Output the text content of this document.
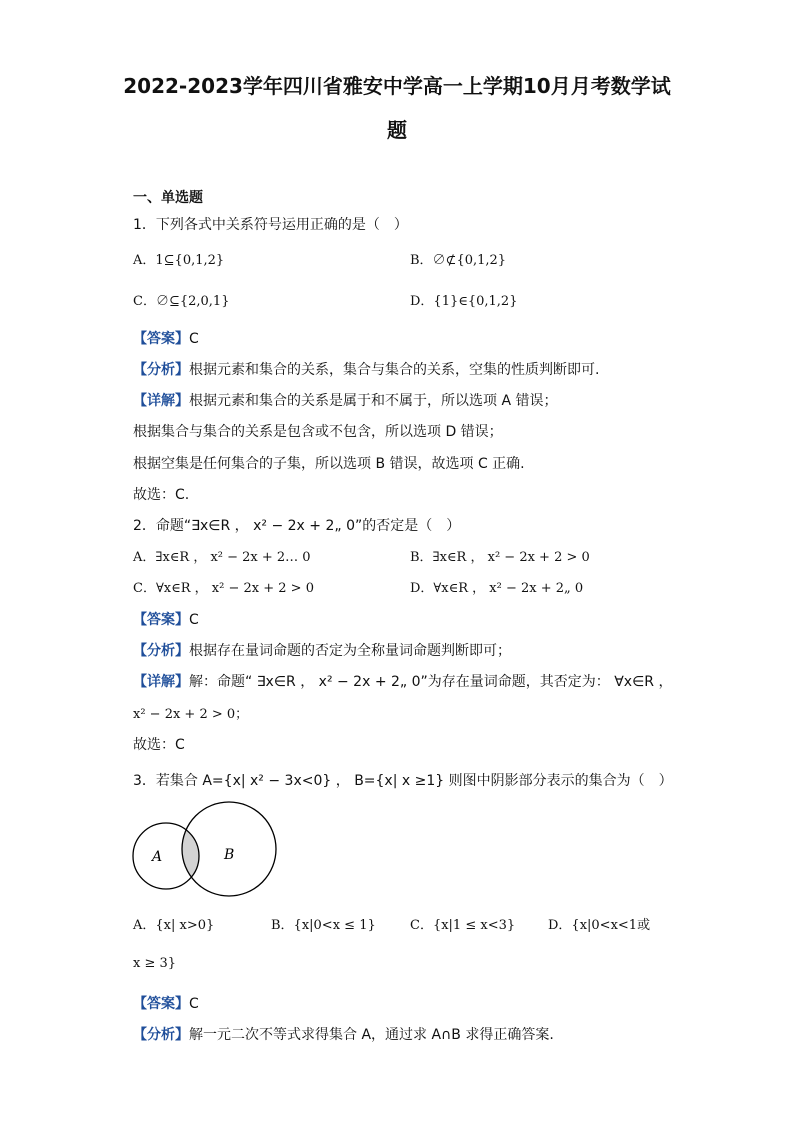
2022-2023学年四川省雅安中学高一上学期10月月考数学试
题
一、单选题
1．下列各式中关系符号运用正确的是（　）
A．1⊆{0,1,2}	B．∅⊄{0,1,2}
C．∅⊆{2,0,1}	D．{1}∈{0,1,2}
【答案】C
【分析】根据元素和集合的关系，集合与集合的关系，空集的性质判断即可.
【详解】根据元素和集合的关系是属于和不属于，所以选项 A 错误；
根据集合与集合的关系是包含或不包含，所以选项 D 错误；
根据空集是任何集合的子集，所以选项 B 错误，故选项 C 正确.
故选：C.
2．命题“∃x∈R ， x² − 2x + 2„ 0”的否定是（　）
A．∃x∈R ， x² − 2x + 2… 0	B．∃x∈R ， x² − 2x + 2 > 0
C．∀x∈R ， x² − 2x + 2 > 0	D．∀x∈R ， x² − 2x + 2„ 0
【答案】C
【分析】根据存在量词命题的否定为全称量词命题判断即可；
【详解】解：命题“ ∃x∈R ， x² − 2x + 2„ 0”为存在量词命题，其否定为： ∀x∈R ，
x² − 2x + 2 > 0；
故选：C
3．若集合 A={x| x² − 3x<0} ， B={x| x ≥1} 则图中阴影部分表示的集合为（　）
A	B
A．{x| x>0}	B．{x|0<x ≤ 1}	C．{x|1 ≤ x<3}	D．{x|0<x<1或
x ≥ 3}
【答案】C
【分析】解一元二次不等式求得集合 A，通过求 A∩B 求得正确答案.
